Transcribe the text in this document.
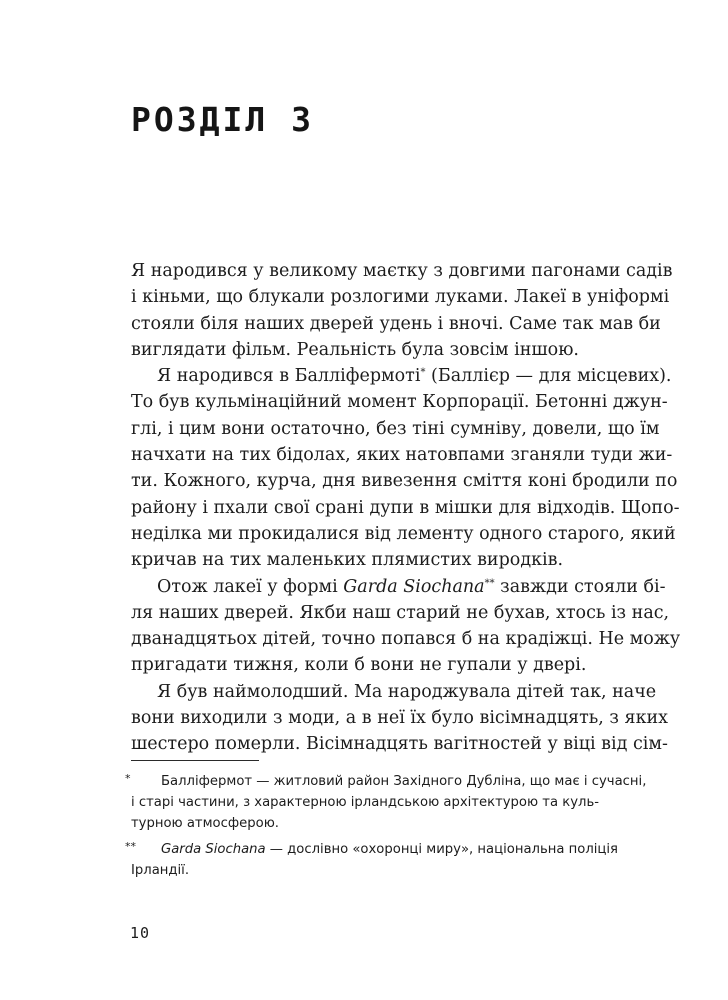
РОЗДІЛ 3
Я народився у великому маєтку з довгими пагонами садів
і кіньми, що блукали розлогими луками. Лакеї в уніформі
стояли біля наших дверей удень і вночі. Саме так мав би
виглядати фільм. Реальність була зовсім іншою.
Я народився в Балліфермоті* (Баллієр — для місцевих).
То був кульмінаційний момент Корпорації. Бетонні джун-
глі, і цим вони остаточно, без тіні сумніву, довели, що їм
начхати на тих бідолах, яких натовпами зганяли туди жи-
ти. Кожного, курча, дня вивезення сміття коні бродили по
району і пхали свої срані дупи в мішки для відходів. Щопо-
неділка ми прокидалися від лементу одного старого, який
кричав на тих маленьких плямистих виродків.
Отож лакеї у формі Garda Siochana** завжди стояли бі-
ля наших дверей. Якби наш старий не бухав, хтось із нас,
дванадцятьох дітей, точно попався б на крадіжці. Не можу
пригадати тижня, коли б вони не гупали у двері.
Я був наймолодший. Ма народжувала дітей так, наче
вони виходили з моди, а в неї їх було вісімнадцять, з яких
шестеро померли. Вісімнадцять вагітностей у віці від сім-
*	Балліфермот — житловий район Західного Дубліна, що має і сучасні,
і старі частини, з характерною ірландською архітектурою та куль-
турною атмосферою.
**	Garda Siochana — дослівно «охоронці миру», національна поліція
Ірландії.
10
